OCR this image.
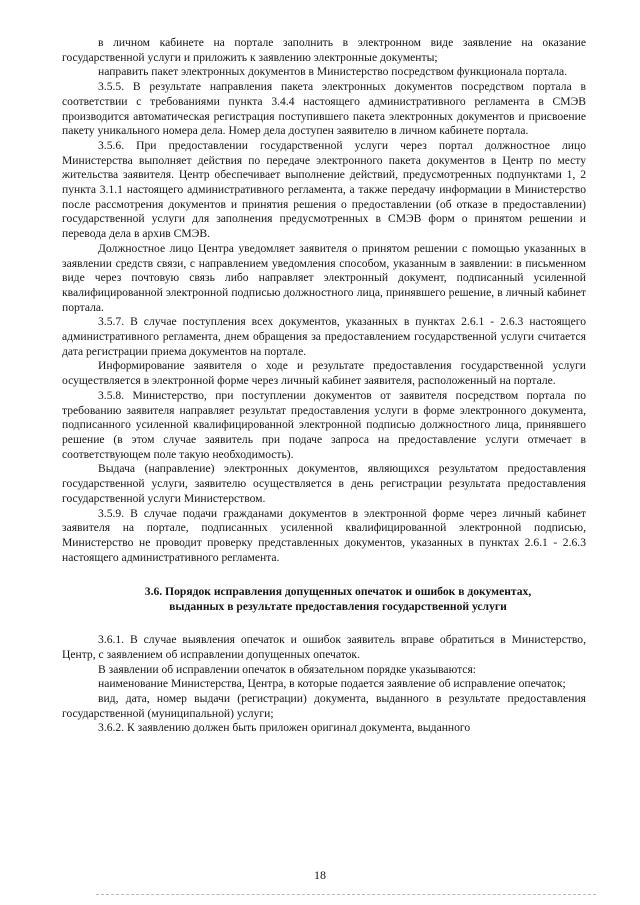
в личном кабинете на портале заполнить в электронном виде заявление на оказание государственной услуги и приложить к заявлению электронные документы;

направить пакет электронных документов в Министерство посредством функционала портала.

3.5.5. В результате направления пакета электронных документов посредством портала в соответствии с требованиями пункта 3.4.4 настоящего административного регламента в СМЭВ производится автоматическая регистрация поступившего пакета электронных документов и присвоение пакету уникального номера дела. Номер дела доступен заявителю в личном кабинете портала.

3.5.6. При предоставлении государственной услуги через портал должностное лицо Министерства выполняет действия по передаче электронного пакета документов в Центр по месту жительства заявителя. Центр обеспечивает выполнение действий, предусмотренных подпунктами 1, 2 пункта 3.1.1 настоящего административного регламента, а также передачу информации в Министерство после рассмотрения документов и принятия решения о предоставлении (об отказе в предоставлении) государственной услуги для заполнения предусмотренных в СМЭВ форм о принятом решении и перевода дела в архив СМЭВ.

Должностное лицо Центра уведомляет заявителя о принятом решении с помощью указанных в заявлении средств связи, с направлением уведомления способом, указанным в заявлении: в письменном виде через почтовую связь либо направляет электронный документ, подписанный усиленной квалифицированной электронной подписью должностного лица, принявшего решение, в личный кабинет портала.

3.5.7. В случае поступления всех документов, указанных в пунктах 2.6.1 - 2.6.3 настоящего административного регламента, днем обращения за предоставлением государственной услуги считается дата регистрации приема документов на портале.

Информирование заявителя о ходе и результате предоставления государственной услуги осуществляется в электронной форме через личный кабинет заявителя, расположенный на портале.

3.5.8. Министерство, при поступлении документов от заявителя посредством портала по требованию заявителя направляет результат предоставления услуги в форме электронного документа, подписанного усиленной квалифицированной электронной подписью должностного лица, принявшего решение (в этом случае заявитель при подаче запроса на предоставление услуги отмечает в соответствующем поле такую необходимость).

Выдача (направление) электронных документов, являющихся результатом предоставления государственной услуги, заявителю осуществляется в день регистрации результата предоставления государственной услуги Министерством.

3.5.9. В случае подачи гражданами документов в электронной форме через личный кабинет заявителя на портале, подписанных усиленной квалифицированной электронной подписью, Министерство не проводит проверку представленных документов, указанных в пунктах 2.6.1 - 2.6.3 настоящего административного регламента.

3.6. Порядок исправления допущенных опечаток и ошибок в документах,

выданных в результате предоставления государственной услуги

3.6.1. В случае выявления опечаток и ошибок заявитель вправе обратиться в Министерство, Центр, с заявлением об исправлении допущенных опечаток.

В заявлении об исправлении опечаток в обязательном порядке указываются:

наименование Министерства, Центра, в которые подается заявление об исправление опечаток;

вид, дата, номер выдачи (регистрации) документа, выданного в результате предоставления государственной (муниципальной) услуги;

3.6.2. К заявлению должен быть приложен оригинал документа, выданного

18
